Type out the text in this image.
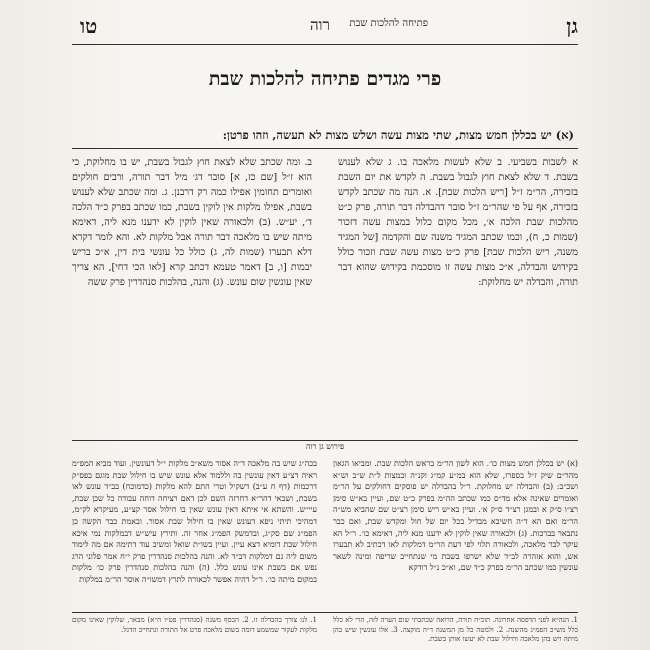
גן
פתיחה להלכות שבת
רוה
טו
פרי מגדים פתיחה להלכות שבת
(א) יש בכללן חמש מצות, שתי מצות עשה ושלש מצות לא תעשה, וזהו פרטן:
א לשבות בשביעי. ב שלא לעשות מלאכה בו. ג שלא לענוש בשבת. ד שלא לצאת חוץ לגבול בשבת. ה לקדש את יום השבת בזכירה, הר״מ ז״ל [ריש הלכות שבת]. א. הנה מה שכתב לקדש בזכירה, אף על פי שהר״מ ז״ל סובר דהבדלה דבר תורה, פרק כ״ט מהלכות שבת הלכה א׳, מכל מקום כלול במצות עשה דזכור (שמות כ, ח), וכמו שכתב המגיד משנה שם והקדמה [של המגיד משנה, ריש הלכות שבת] פרק כ״ט מצות עשה שבת וזכור כולל בקידוש והבדלה, א״כ מצות עשה זו מוסכמת בקידוש שהוא דבר תורה, והבדלה יש מחלוקת:
ב. ומה שכתב שלא לצאת חוץ לגבול בשבת, יש בו מחלוקת, כי הוא ז״ל [שם כז, א] סובר דג׳ מיל דבר תורה, ורבים חולקים ואומרים תחומין אפילו כמה רק דרבנן. ג. ומה שכתב שלא לענוש בשבת, אפילו מלקות אין לוקין בשבת, כמו שכתב בפרק כ״ד הלכה ד׳, יע״ש. (ב) ולכאורה שאין לוקין לא ידענו מנא ליה, דאימא מיתה שיש בו מלאכה דבר תורה אבל מלקות לא. והא לומר דקרא דלא תבערו (שמות לה, ג) כולל כל עונשי בית דין, א״כ בריש יבמות [ו, ב] דאמר טעמא דכתב קרא [לאו הכי דחי], הא צריך שאין עונשין שום עונש. (ג) והנה, בהלכות סנהדרין פרק ששה
פירוש גן רוה
(א) יש בכללן חמש מצות כו׳. הוא לשון הר״מ בראש הלכות שבת. ומביאו הגאון מהר״ם שיק ז״ל בספרו, שלא הוא במ״ע קמ״ג וקנ״ה ובמצות ל״ת ש״כ וש״א ושכ״ב: (ב) והבדלה יש מחלוקת. ר״ל בהבדלה יש פוסקים דחולקים על הר״מ ואומרים שאינה אלא מד״ס כמו שכתב הה״מ בפרק כ״ט שם, ועיין בא״ש סימן רצ״ו ס״ק א ובמגן רצ״ד ס״ק א׳. ועיין בא״ש ריש סימן רצ״ט שם שהביא מש״ה הר״מ ואם הא ד״ה חשיבא מבדיל בכל יום של חול ומקדש שבת, ואם כבר נתבאר בברכות. (ג) ולכאורה שאין לוקין לא ידענו מנא ליה, דאימא כו׳. ר״ל הא עיקר לבר מלאכה, ולכאורה תלוי לפי דעת הר״מ דמלקות לאו דכתיב לא תבערו אש, והוא אזהרה לב״ד שלא ישרפו בשבת מי שנתחייב שריפה ומינה לשאר עונשין כמו שכתב הר״מ בפרק כ״ד שם, וא״כ נ״ל דודקא
בכה״ג שיש בה מלאכה ד״ה אסור משא״כ מלקות י״ל דעונשין. ועוד מביא המפ״מ ראיה דצ״ע דאין עונשין בה וללמוד אלא עונש שיש בו חילול שבת מוגם בפס״ק דרכמות (דף ח ע״ב) דשקיל וטרי התם להא מלקות (כדמוכח) בב״ד עונש לאו בשבת, ושבאי דהר״א דחרזה השם לכן דאם רציחה דוחה עבודה כל שכן שבת, עיי״ש. והשתא אי איתא דאין עונש שאין בו חילול אסר קצ״ע, מעיקרא לק״מ, דמהיכי תיתי ניפא דעונש שאין בו חילול שבת אסור. ובאמת כבר הקשה כן הפמ״ג שם סק״ג, ובדמשק הפמ״ג אחר זה. ותירץ עיש״ש דבמלקות נמי איכא חילול שבת דומיא דצא עיין. ועיין בשו״ת שואל ומשיב עוד דתימה אם מה לימוד משום ליה גם דמלקות דב״ד לא. והנה בהלכות סנהדרין פרק י״ח אמר פלוני הרג נפש אם בשבת אינו עונש כלל. (ה) והנה בהלכות סנהדרין פרק כו׳ מלקות במקום מיתה כו׳. ר״ל דהיה אפשר לכאורה לתרץ דמשו״ה אוסר הר״מ במלקות
1. הנה״א לפני הדפסה אחרונה. תוכ״ה תורה, הרואה שכתבתי שום הערה לזה, הרי לא כלל כלל מש״כ הפמ״ג מהשנה. 2. ולמטה כל מן המשנה ד״ה מוקצה. 3. אלו עונשין שיש בהן מיתה ויש בהן מלאכה וחילול שבת לא יעשו אותן בשבת.
1. לנו צורך בהבדלה זו. 2. הכסף משנה (סנהדרין פט״ו ה״א) מבאר, שלוקין שאינו מקום מלקות לעקור שמשמע דומה בשום מלאכה פרט אל התורה ונתחייב הדגל.
